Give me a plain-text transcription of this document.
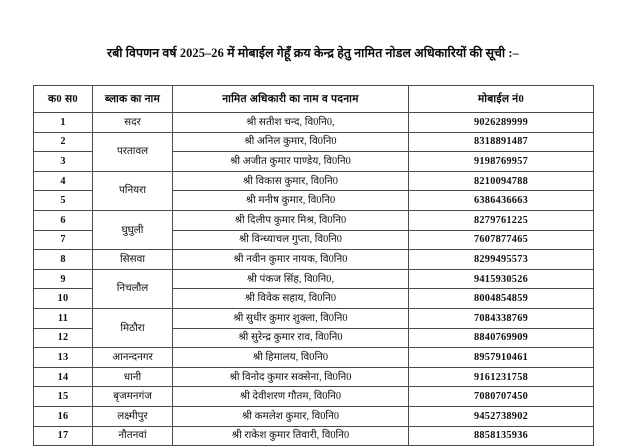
रबी विपणन वर्ष 2025–26 में मोबाईल गेहूँ क्रय केन्द्र हेतु नामित नोडल अधिकारियों की सूची :–
क0 स0	ब्लाक का नाम	नामित अधिकारी का नाम व पदनाम	मोबाईल नं0
1	सदर	श्री सतीश चन्द, वि0नि0,	9026289999
2	परतावल	श्री अनिल कुमार, वि0नि0	8318891487
3		श्री अजीत कुमार पाण्डेय, वि0नि0	9198769957
4	पनियरा	श्री विकास कुमार, वि0नि0	8210094788
5		श्री मनीष कुमार, वि0नि0	6386436663
6	घुघुली	श्री दिलीप कुमार मिश्र, वि0नि0	8279761225
7		श्री विन्ध्याचल गुप्ता, वि0नि0	7607877465
8	सिसवा	श्री नवीन कुमार नायक, वि0नि0	8299495573
9	निचलौल	श्री पंकज सिंह, वि0नि0,	9415930526
10		श्री विवेक सहाय, वि0नि0	8004854859
11	मिठौरा	श्री सुधीर कुमार शुक्ला, वि0नि0	7084338769
12		श्री सुरेन्द्र कुमार राव, वि0नि0	8840769909
13	आनन्दनगर	श्री हिमालय, वि0नि0	8957910461
14	धानी	श्री विनोद कुमार सक्सेना, वि0नि0	9161231758
15	बृजमनगंज	श्री देवीशरण गौतम, वि0नि0	7080707450
16	लक्ष्मीपुर	श्री कमलेश कुमार, वि0नि0	9452738902
17	नौतनवां	श्री राकेश कुमार तिवारी, वि0नि0	8858135936
